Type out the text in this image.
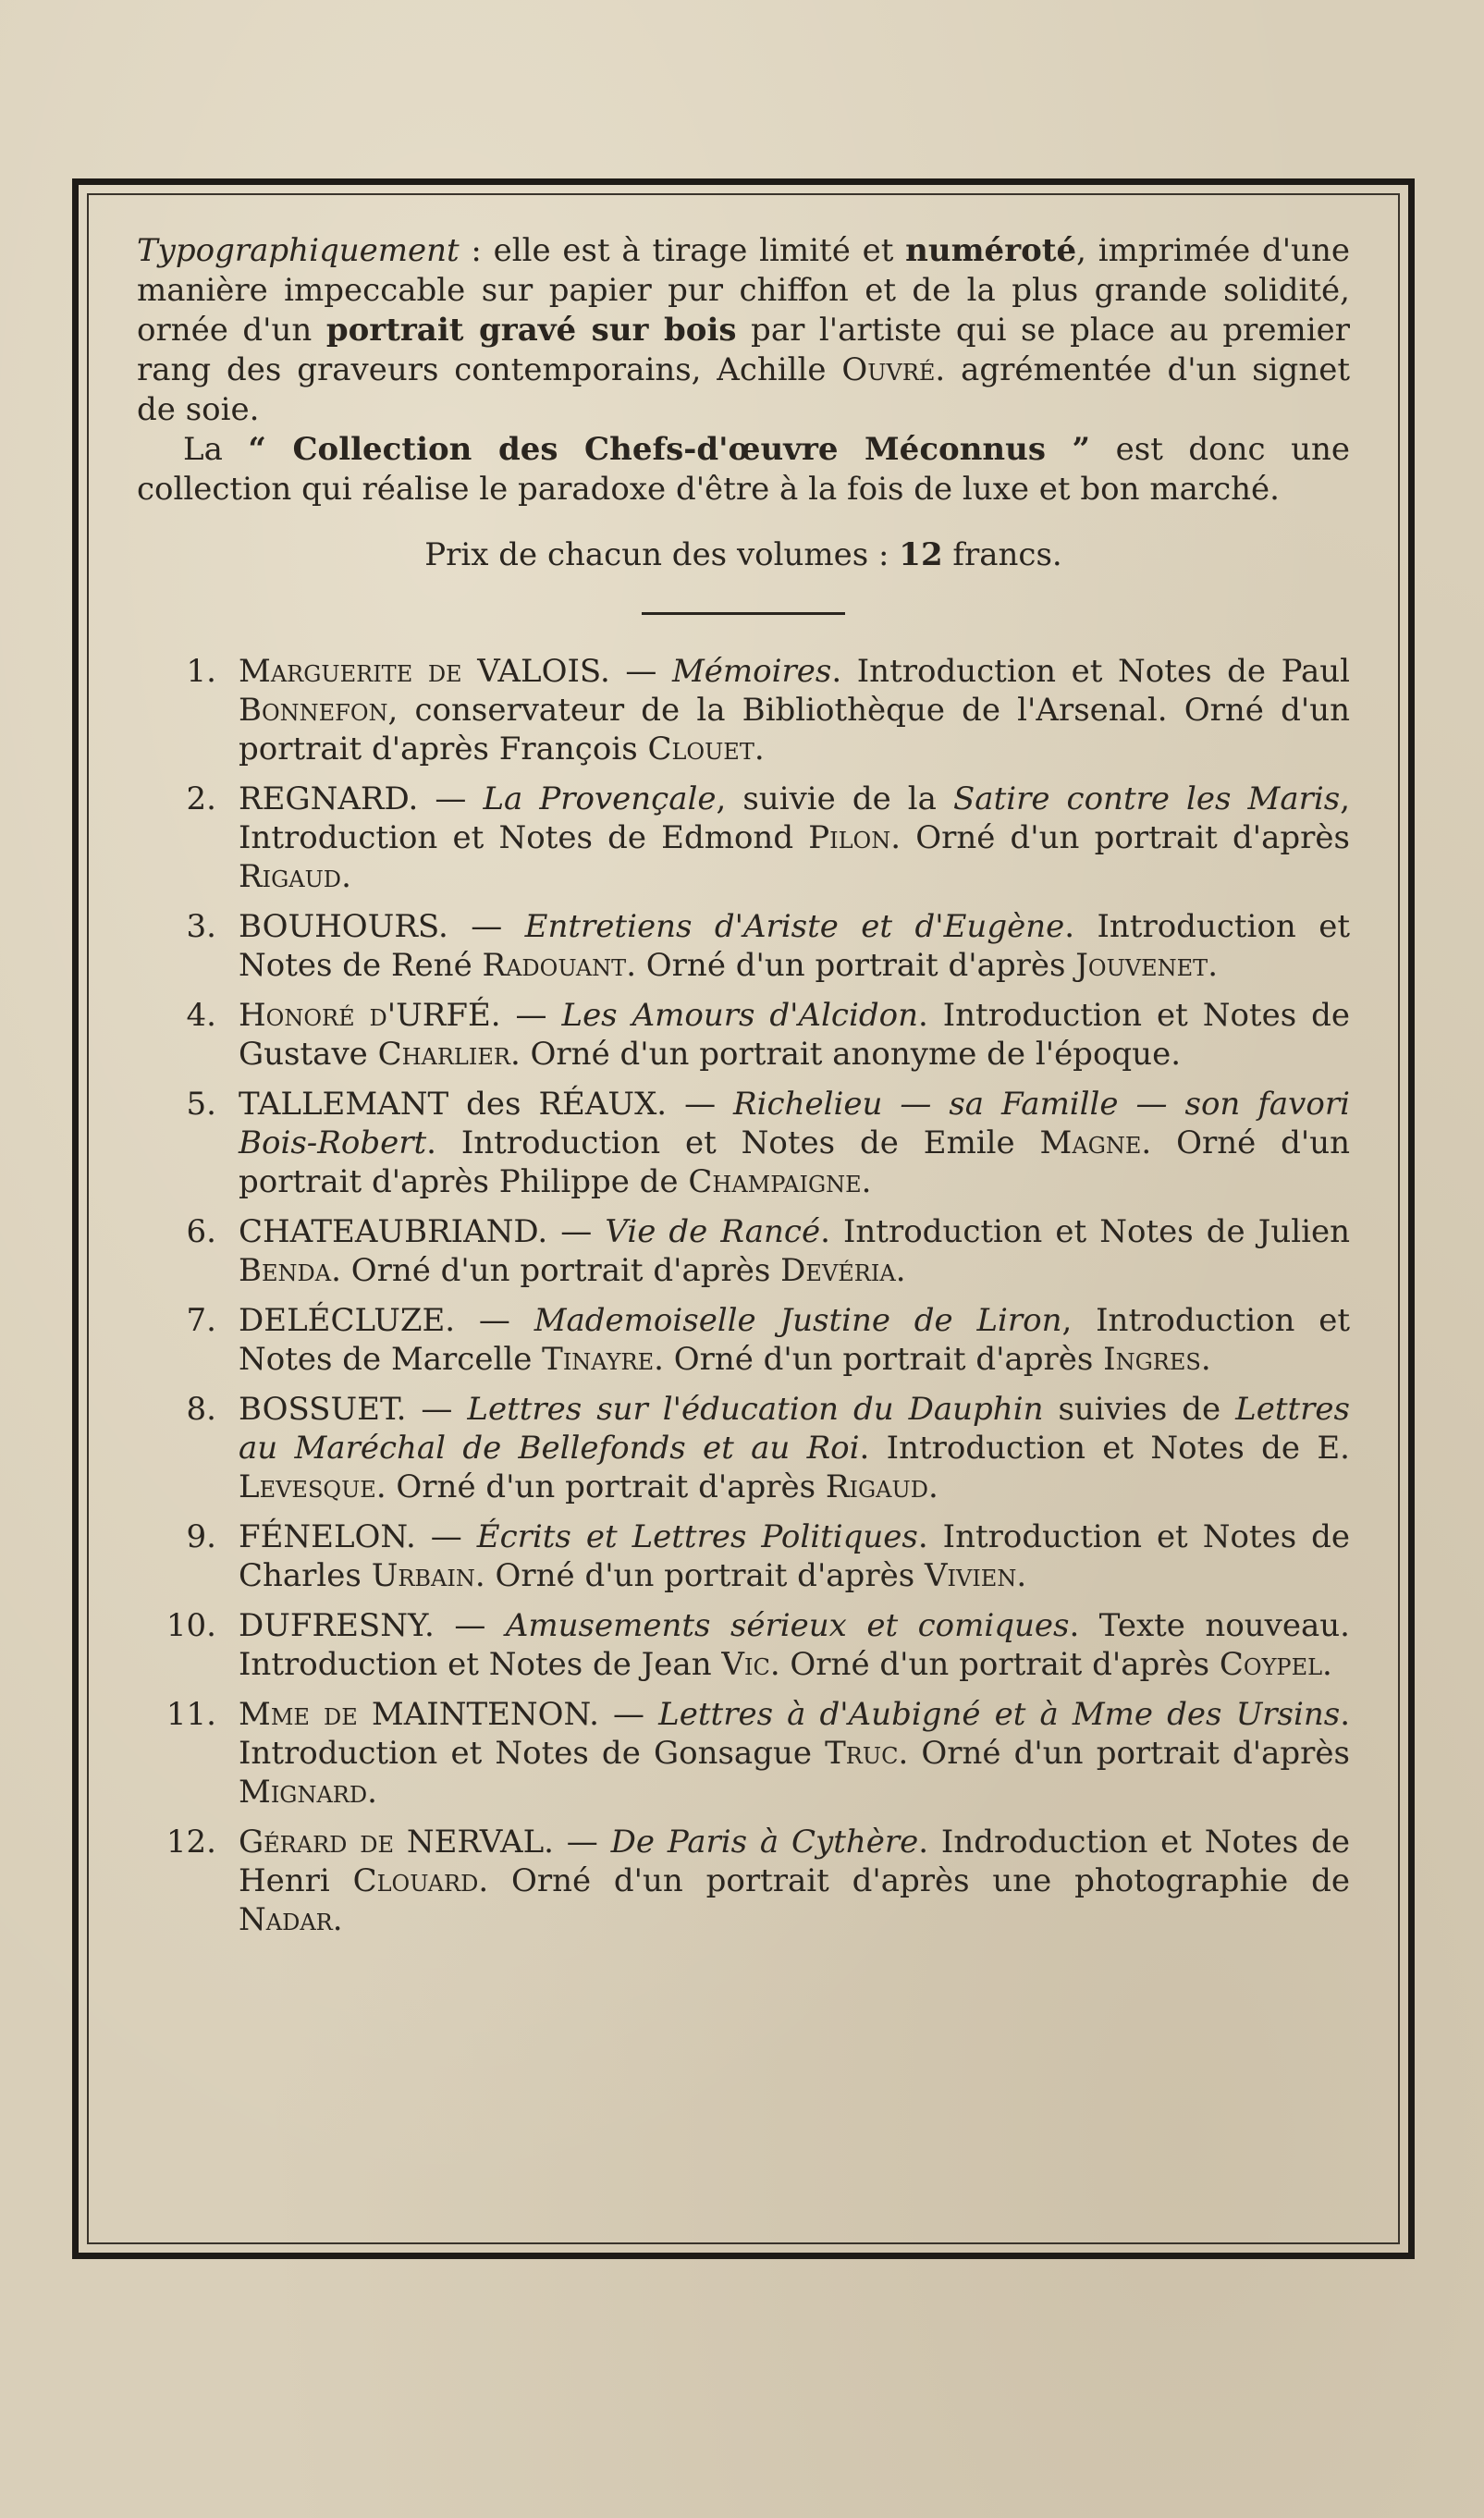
Typographiquement : elle est à tirage limité et numéroté, imprimée d'une manière impeccable sur papier pur chiffon et de la plus grande solidité, ornée d'un portrait gravé sur bois par l'artiste qui se place au premier rang des graveurs contemporains, Achille Ouvré. agrémentée d'un signet de soie.

La “ Collection des Chefs-d'œuvre Méconnus ” est donc une collection qui réalise le paradoxe d'être à la fois de luxe et bon marché.

Prix de chacun des volumes : 12 francs.
1. Marguerite de VALOIS. — Mémoires. Introduction et Notes de Paul Bonnefon, conservateur de la Bibliothèque de l'Arsenal. Orné d'un portrait d'après François Clouet.
2. REGNARD. — La Provençale, suivie de la Satire contre les Maris, Introduction et Notes de Edmond Pilon. Orné d'un portrait d'après Rigaud.
3. BOUHOURS. — Entretiens d'Ariste et d'Eugène. Introduction et Notes de René Radouant. Orné d'un portrait d'après Jouvenet.
4. Honoré d'URFÉ. — Les Amours d'Alcidon. Introduction et Notes de Gustave Charlier. Orné d'un portrait anonyme de l'époque.
5. TALLEMANT des RÉAUX. — Richelieu — sa Famille — son favori Bois-Robert. Introduction et Notes de Emile Magne. Orné d'un portrait d'après Philippe de Champaigne.
6. CHATEAUBRIAND. — Vie de Rancé. Introduction et Notes de Julien Benda. Orné d'un portrait d'après Devéria.
7. DELÉCLUZE. — Mademoiselle Justine de Liron, Introduction et Notes de Marcelle Tinayre. Orné d'un portrait d'après Ingres.
8. BOSSUET. — Lettres sur l'éducation du Dauphin suivies de Lettres au Maréchal de Bellefonds et au Roi. Introduction et Notes de E. Levesque. Orné d'un portrait d'après Rigaud.
9. FÉNELON. — Écrits et Lettres Politiques. Introduction et Notes de Charles Urbain. Orné d'un portrait d'après Vivien.
10. DUFRESNY. — Amusements sérieux et comiques. Texte nouveau. Introduction et Notes de Jean Vic. Orné d'un portrait d'après Coypel.
11. Mme de MAINTENON. — Lettres à d'Aubigné et à Mme des Ursins. Introduction et Notes de Gonsague Truc. Orné d'un portrait d'après Mignard.
12. Gérard de NERVAL. — De Paris à Cythère. Indroduction et Notes de Henri Clouard. Orné d'un portrait d'après une photographie de Nadar.
